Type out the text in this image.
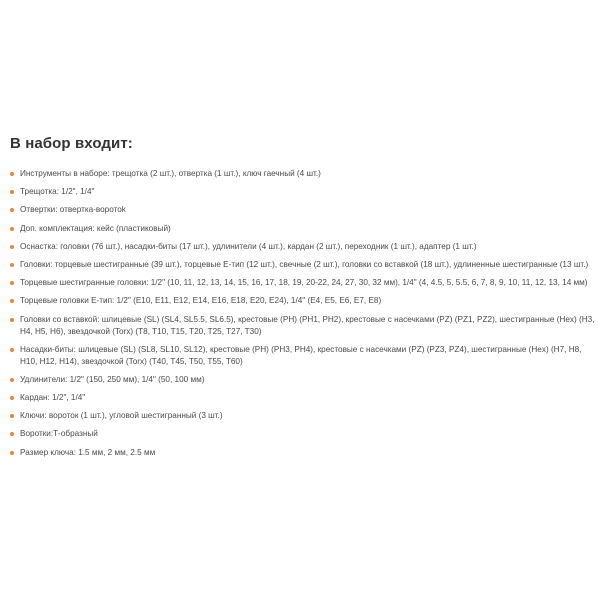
В набор входит:
Инструменты в наборе: трещотка (2 шт.), отвертка (1 шт.), ключ гаечный (4 шт.)
Трещотка: 1/2", 1/4"
Отвертки: отвертка-воротоk
Доп. комплектация: кейс (пластиковый)
Оснастка: головки (76 шт.), насадки-биты (17 шт.), удлинители (4 шт.), кардан (2 шт.), переходник (1 шт.), адаптер (1 шт.)
Головки: торцевые шестигранные (39 шт.), торцевые Е-тип (12 шт.), свечные (2 шт.), головки со вставкой (18 шт.), удлиненные шестигранные (13 шт.)
Торцевые шестигранные головки: 1/2" (10, 11, 12, 13, 14, 15, 16, 17, 18, 19, 20-22, 24, 27, 30, 32 мм), 1/4" (4, 4.5, 5, 5.5, 6, 7, 8, 9, 10, 11, 12, 13, 14 мм)
Торцевые головки Е-тип: 1/2" (E10, E11, E12, E14, E16, E18, E20, E24), 1/4" (E4, E5, E6, E7, E8)
Головки со вставкой: шлицевые (SL) (SL4, SL5.5, SL6.5), крестовые (PH) (PH1, PH2), крестовые с насечками (PZ) (PZ1, PZ2), шестигранные (Hex) (H3, H4, H5, H6), звездочкой (Torx) (T8, T10, T15, T20, T25, T27, T30)
Насадки-биты: шлицевые (SL) (SL8, SL10, SL12), крестовые (PH) (PH3, PH4), крестовые с насечками (PZ) (PZ3, PZ4), шестигранные (Hex) (H7, H8, H10, H12, H14), звездочкой (Torx) (T40, T45, T50, T55, T60)
Удлинители: 1/2" (150, 250 мм), 1/4" (50, 100 мм)
Кардан: 1/2", 1/4"
Ключи: вороток (1 шт.), угловой шестигранный (3 шт.)
Воротки:Т-образный
Размер ключа: 1.5 мм, 2 мм, 2.5 мм
